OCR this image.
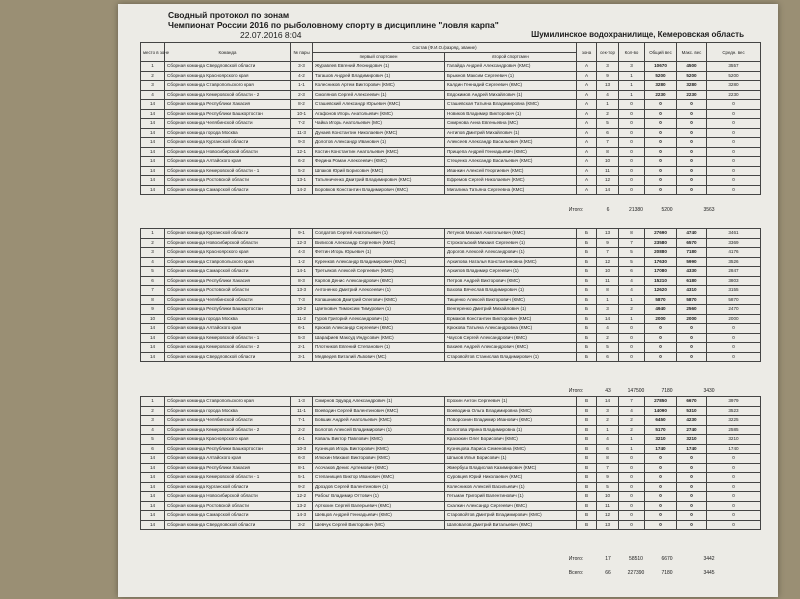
Сводный протокол по зонам
Чемпионат России 2016 по рыболовному спорту в дисциплине "ловля карпа"
22.07.2016 8:04	Шумилинское водохранилище, Кемеровская область
место в зоне	Команда	№ пары	Состав (Ф.И.О./разряд, звание)		зона	сек-тор	Кол-во	Общий вес	Макс. вес	Средн. вес
			первый спортсмен	второй спортсмен						
1	Сборная команда Свердловской области	3-3	Журавлев Евгений Леонидович (1)	Галайда Андрей Александрович (КМС)	А	3	3	10670	4500	3557
2	Сборная команда Красноярского края	4-2	Тагашов Андрей Владимирович (1)	Брыкнов Максим Сергеевич (1)	А	9	1	5200	5200	5200
3	Сборная команда Ставропольского края	1-1	Колесников Артем Викторович (КМС)	Калдин Геннадий Сергеевич (КМС)	А	13	1	3280	3280	3280
4	Сборная команда Кемеровской области - 2	2-3	Смолянов Сергей Алексеевич (1)	Евдокимов Андрей Михайлович (1)	А	4	1	2230	2230	2230
14	Сборная команда Республики Хакасия	8-2	Сташевский Александр Юрьевич (КМС)	Сташевская Татьяна Владимировна (КМС)	А	1	0	0	0	0
14	Сборная команда Республики Башкортостан	10-1	Агафонов Игорь Анатольевич (КМС)	Новиков Владимир Викторович (1)	А	2	0	0	0	0
14	Сборная команда Челябинской области	7-2	Чайка Игорь Анатольевич (МС)	Смирнова Анна Евгеньевна (МС)	А	5	0	0	0	0
14	Сборная команда города Москва	11-3	Дунаев Константин Николаевич (КМС)	Антипов Дмитрий Михайлович (1)	А	6	0	0	0	0
14	Сборная команда Курганской области	9-3	Долотов Александр Иванович (1)	Алексеев Александр Васильевич (КМС)	А	7	0	0	0	0
14	Сборная команда Новосибирской области	12-1	Костин Константин Анатольевич (КМС)	Прищепа Андрей Геннадьевич (КМС)	А	8	0	0	0	0
14	Сборная команда Алтайского края	6-2	Федина Роман Алексеевич (КМС)	Стеценко Александр Васильевич (КМС)	А	10	0	0	0	0
14	Сборная команда Кемеровской области - 1	5-2	Шпаков Юрий Борисович (КМС)	Иванкин Алексей Георгиевич (КМС)	А	11	0	0	0	0
14	Сборная команда Ростовской области	13-1	Татьяниченко Дмитрий Владимирович (КМС)	Ефремов Сергей Николаевич (КМС)	А	12	0	0	0	0
14	Сборная команда Самарской области	14-2	Боровков Константин Владимирович (КМС)	Мигалина Татьяна Сергеевна (КМС)	А	14	0	0	0	0
Итого:	6	21380	5200	3563
1	Сборная команда Курганской области	9-1	Солдатов Сергей Анатольевич (1)	Летунов Михаил Анатольевич (КМС)	Б	13	8	27690	4740	3461
2	Сборная команда Новосибирской области	12-3	Вилисов Александр Сергеевич (КМС)	Строкольский Михаил Сергеевич (1)	Б	9	7	23580	6570	3369
3	Сборная команда Красноярского края	4-3	Фетгин Игорь Юрьевич (1)	Дорогов Алексей Александрович (1)	Б	7	5	20880	7180	4176
4	Сборная команда Ставропольского края	1-2	Куренков Александр Владимирович (КМС)	Архипова Наталья Константиновна (КМС)	Б	12	5	17630	5990	3526
5	Сборная команда Самарской области	14-1	Третьяков Алексей Сергеевич (КМС)	Архипов Владимир Сергеевич (1)	Б	10	6	17080	4330	2847
6	Сборная команда Республики Хакасия	8-3	Карпов Денис Александрович (КМС)	Петров Андрей Викторович (КМС)	Б	11	4	15210	6180	3803
7	Сборная команда Ростовской области	13-3	Антоненко Дмитрий Алексеевич (1)	Бахова Вячеслав Владимирович (1)	Б	8	4	12620	4310	3155
8	Сборная команда Челябинской области	7-3	Копашников Дмитрий Олегович (КМС)	Тищенко Алексей Викторович (КМС)	Б	1	1	5870	5870	5870
9	Сборная команда Республики Башкортостан	10-2	Цветкович Тимоксим Тимурович (1)	Венгеренко Дмитрий Михайлович (1)	Б	3	2	4940	2560	2470
10	Сборная команда города Москва	11-2	Гуров Григорий Александрович (1)	Ермаков Константин Викторович (КМС)	Б	14	1	2000	2000	2000
14	Сборная команда Алтайского края	6-1	Крюков Александр Сергеевич (КМС)	Крюкова Татьяна Александровна (КМС)	Б	4	0	0	0	0
14	Сборная команда Кемеровской области - 1	5-3	Шарафиев Максуд Индусович (КМС)	Чаусов Сергей Александрович (КМС)	Б	2	0	0	0	0
14	Сборная команда Кемеровской области - 2	2-1	Плотников Евгений Степанович (1)	Бахиев Андрей Александрович (КМС)	Б	5	0	0	0	0
14	Сборная команда Свердловской области	3-1	Медведев Виталий Львович (МС)	Старовойтов Станислав Владимирович (1)	Б	6	0	0	0	0
Итого:	43	147500	7180	3430
1	Сборная команда Ставропольского края	1-3	Смирнов Эдуард Александрович (1)	Ерохин Антон Сергеевич (1)	В	14	7	27850	6670	3979
2	Сборная команда города Москва	11-1	Воеводин Сергей Валентинович (КМС)	Воеводина Ольга Владимировна (КМС)	В	3	4	14090	5310	3523
3	Сборная команда Челябинской области	7-1	Бовшик Андрей Анатольевич (КМС)	Поворознин Владимир Иванович (КМС)	В	2	2	6450	4230	3225
4	Сборная команда Кемеровской области - 2	2-2	Болотов Алексей Владимирович (1)	Болотова Ирина Владимировна (1)	В	1	2	5170	2740	2585
5	Сборная команда Красноярского края	4-1	Коваль Виктор Павлович (КМС)	Красюкин Олег Борисович (КМС)	В	4	1	3210	3210	3210
6	Сборная команда Республики Башкортостан	10-3	Кузнецов Игорь Викторович (КМС)	Кузнецова Лариса Семеновна (КМС)	В	6	1	1740	1740	1740
14	Сборная команда Алтайского края	6-3	Илюхин Михаил Викторович (КМС)	Шпьков Илья Борисович (1)	В	8	0	0	0	0
14	Сборная команда Республики Хакасия	8-1	Асочаков Денис Артемович (КМС)	Жмербуш Владислав Казимирович (КМС)	В	7	0	0	0	0
14	Сборная команда Кемеровской области - 1	5-1	Степанищев Виктор Иванович (КМС)	Сурoвцев Юрий Николаевич (КМС)	В	9	0	0	0	0
14	Сборная команда Курганской области	9-2	Дроздов Сергей Валентинович (1)	Колесников Алексей Васильевич (1)	В	5	0	0	0	0
14	Сборная команда Новосибирской области	12-2	Рабоьт Владимир Оттович (1)	Гетьман Григорий Валентинович (1)	В	10	0	0	0	0
14	Сборная команда Ростовской области	13-2	Артюхин Сергей Валерьевич (КМС)	Скалкин Александр Сергеевич (КМС)	В	11	0	0	0	0
14	Сборная команда Самарской области	14-3	Шевцов Андрей Геннадьевич (КМС)	Старовойтов Дмитрий Владимирович (КМС)	В	12	0	0	0	0
14	Сборная команда Свердловской области	3-2	Шевчук Сергей Викторович (МС)	Шаповалов Дмитрий Витальевич (КМС)	В	13	0	0	0	0
Итого:	17	58510	6670	3442
Всего:	66	227390	7180	3445
